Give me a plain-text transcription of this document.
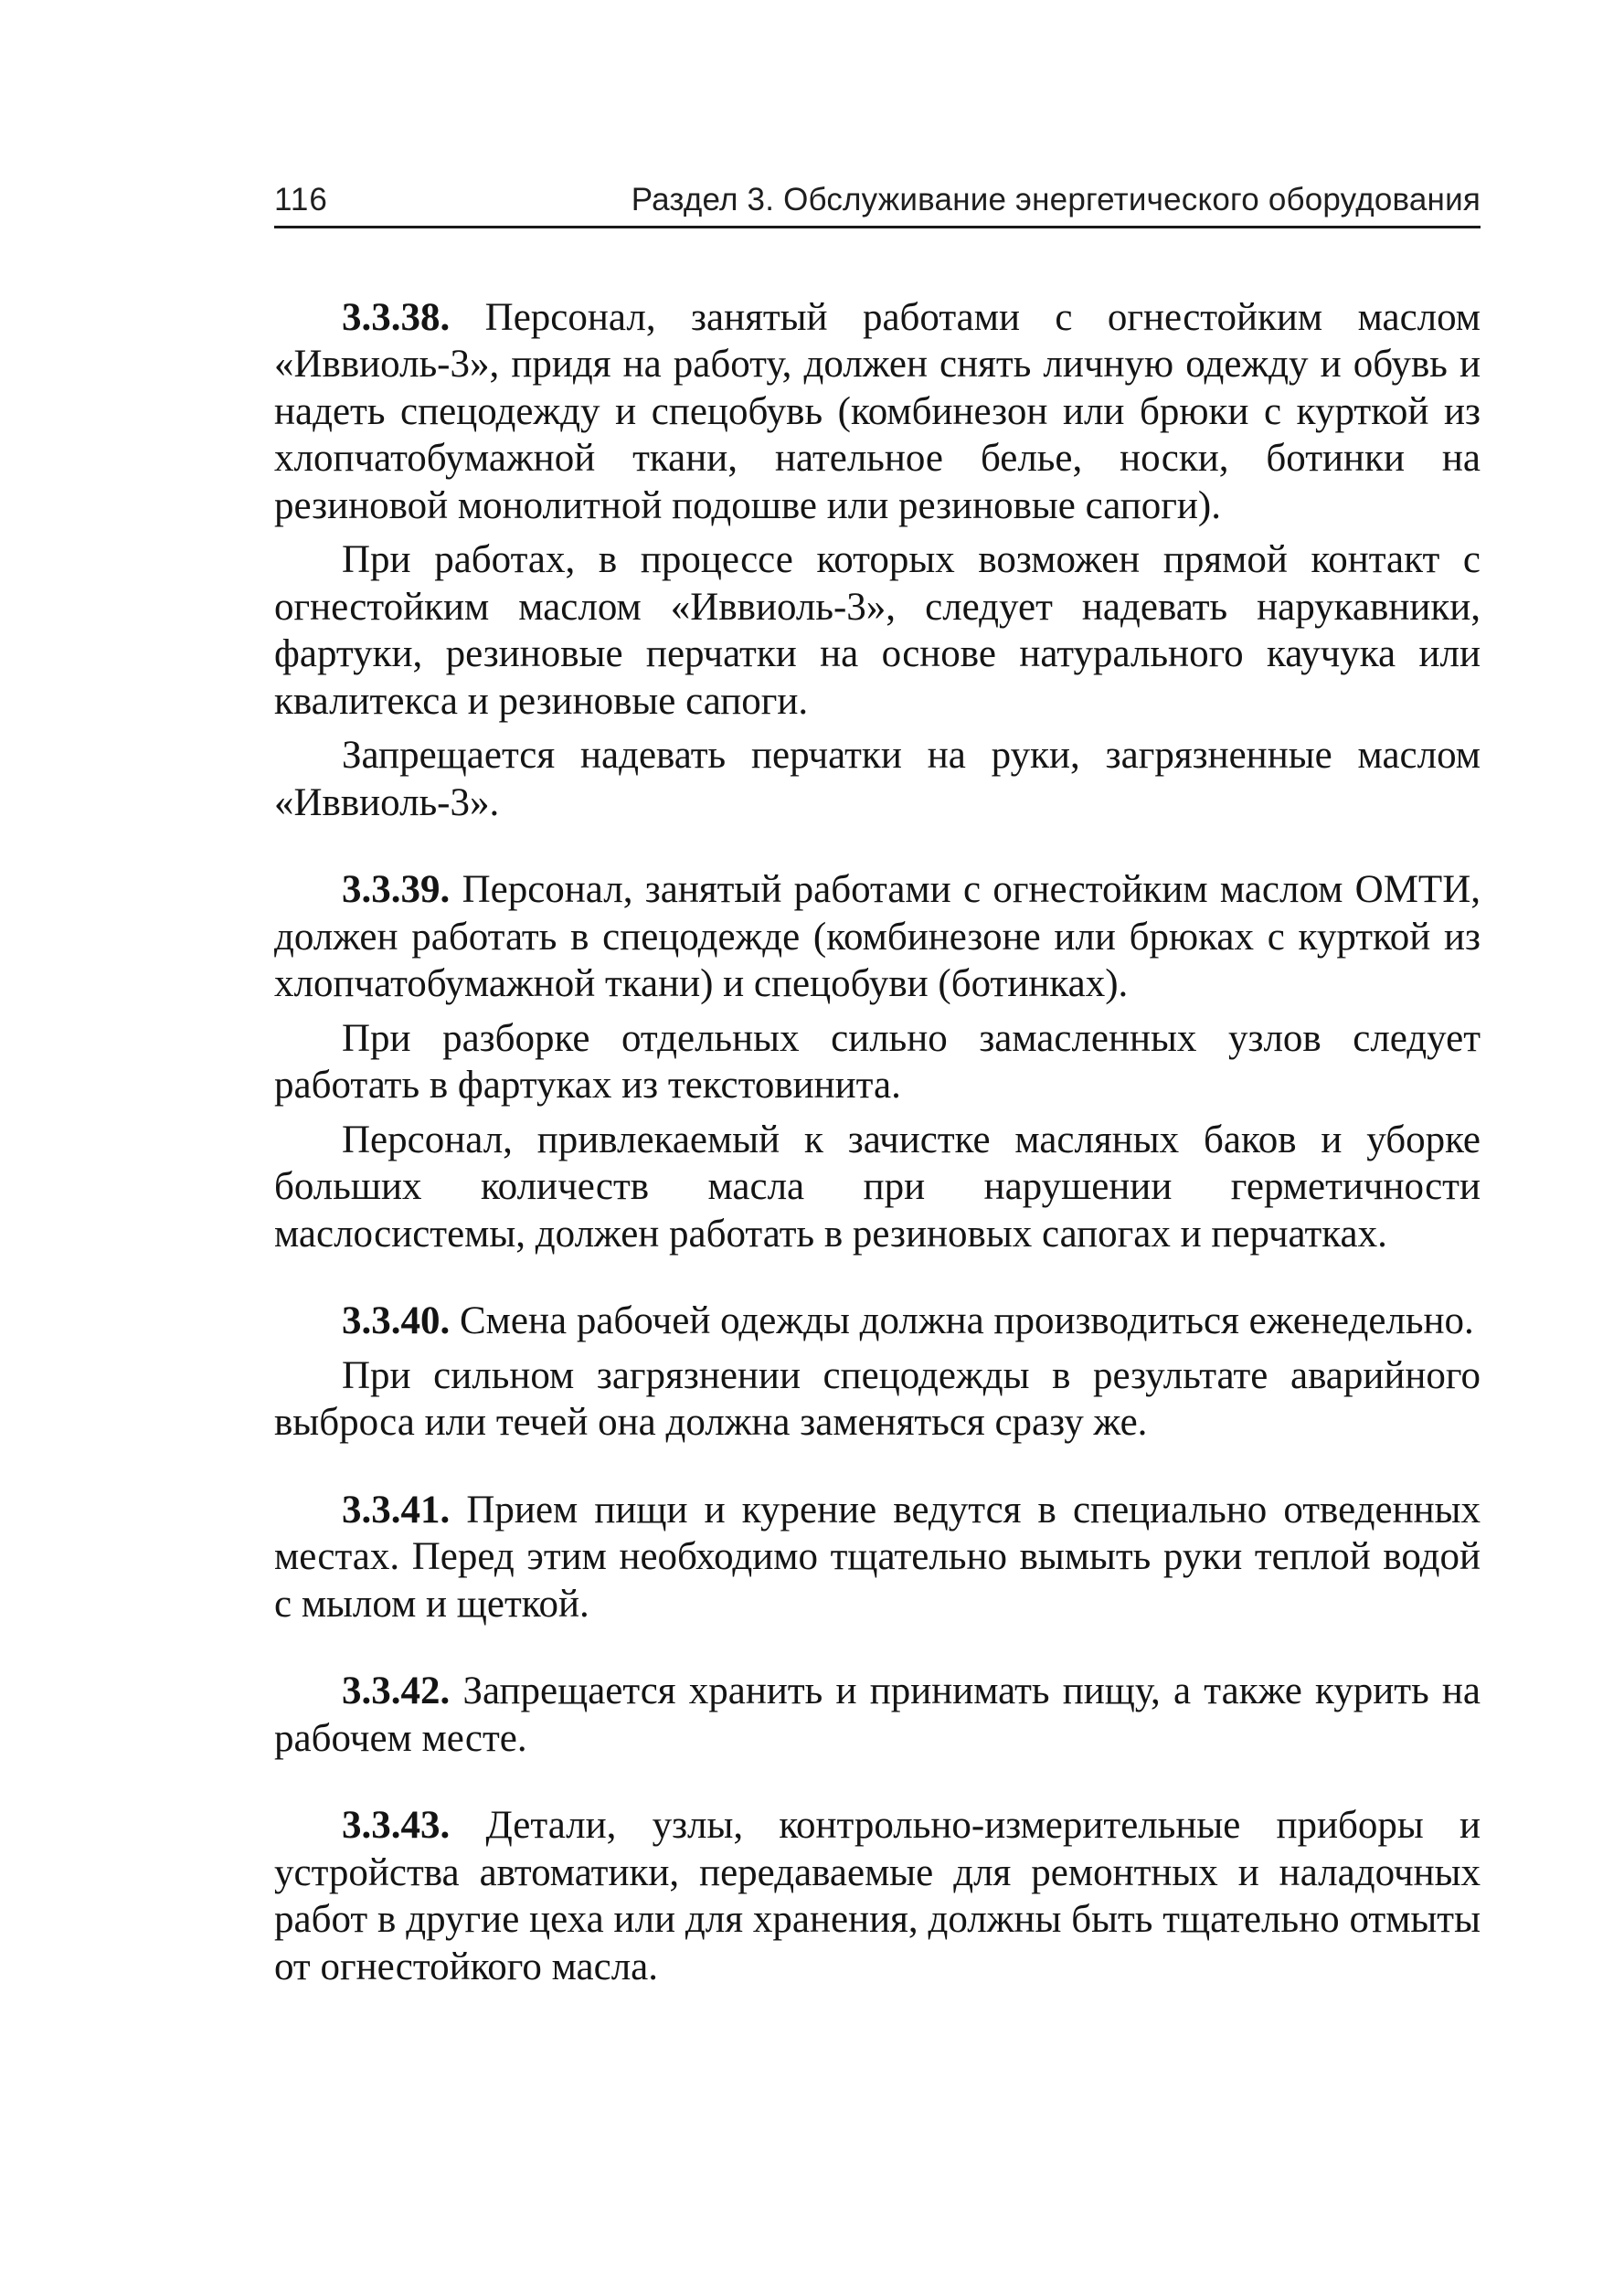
116	Раздел 3. Обслуживание энергетического оборудования

3.3.38. Персонал, занятый работами с огнестойким маслом «Иввиоль-3», придя на работу, должен снять личную одежду и обувь и надеть спецодежду и спецобувь (комбинезон или брюки с курткой из хлопчатобумажной ткани, нательное белье, носки, ботинки на резиновой монолитной подошве или резиновые сапоги).

При работах, в процессе которых возможен прямой контакт с огнестойким маслом «Иввиоль-3», следует надевать нарукавники, фартуки, резиновые перчатки на основе натурального каучука или квалитекса и резиновые сапоги.

Запрещается надевать перчатки на руки, загрязненные маслом «Иввиоль-3».

3.3.39. Персонал, занятый работами с огнестойким маслом ОМТИ, должен работать в спецодежде (комбинезоне или брюках с курткой из хлопчатобумажной ткани) и спецобуви (ботинках).

При разборке отдельных сильно замасленных узлов следует работать в фартуках из текстовинита.

Персонал, привлекаемый к зачистке масляных баков и уборке больших количеств масла при нарушении герметичности маслосистемы, должен работать в резиновых сапогах и перчатках.

3.3.40. Смена рабочей одежды должна производиться еженедельно.

При сильном загрязнении спецодежды в результате аварийного выброса или течей она должна заменяться сразу же.

3.3.41. Прием пищи и курение ведутся в специально отведенных местах. Перед этим необходимо тщательно вымыть руки теплой водой с мылом и щеткой.

3.3.42. Запрещается хранить и принимать пищу, а также курить на рабочем месте.

3.3.43. Детали, узлы, контрольно-измерительные приборы и устройства автоматики, передаваемые для ремонтных и наладочных работ в другие цеха или для хранения, должны быть тщательно отмыты от огнестойкого масла.
